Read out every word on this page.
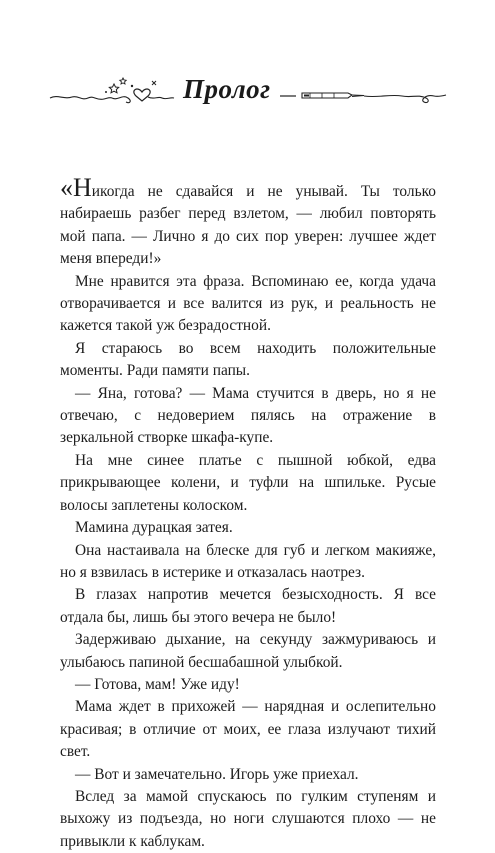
Пролог

«Никогда не сдавайся и не унывай. Ты только набираешь разбег перед взлетом, — любил повторять мой папа. — Лично я до сих пор уверен: лучшее ждет меня впереди!»

Мне нравится эта фраза. Вспоминаю ее, когда удача отворачивается и все валится из рук, и реальность не кажется такой уж безрадостной.

Я стараюсь во всем находить положительные моменты. Ради памяти папы.

— Яна, готова? — Мама стучится в дверь, но я не отвечаю, с недоверием пялясь на отражение в зеркальной створке шкафа-купе.

На мне синее платье с пышной юбкой, едва прикрывающее колени, и туфли на шпильке. Русые волосы заплетены колоском.

Мамина дурацкая затея.

Она настаивала на блеске для губ и легком макияже, но я взвилась в истерике и отказалась наотрез.

В глазах напротив мечется безысходность. Я все отдала бы, лишь бы этого вечера не было!

Задерживаю дыхание, на секунду зажмуриваюсь и улыбаюсь папиной бесшабашной улыбкой.

— Готова, мам! Уже иду!

Мама ждет в прихожей — нарядная и ослепительно красивая; в отличие от моих, ее глаза излучают тихий свет.

— Вот и замечательно. Игорь уже приехал.

Вслед за мамой спускаюсь по гулким ступеням и выхожу из подъезда, но ноги слушаются плохо — не привыкли к каблукам.
